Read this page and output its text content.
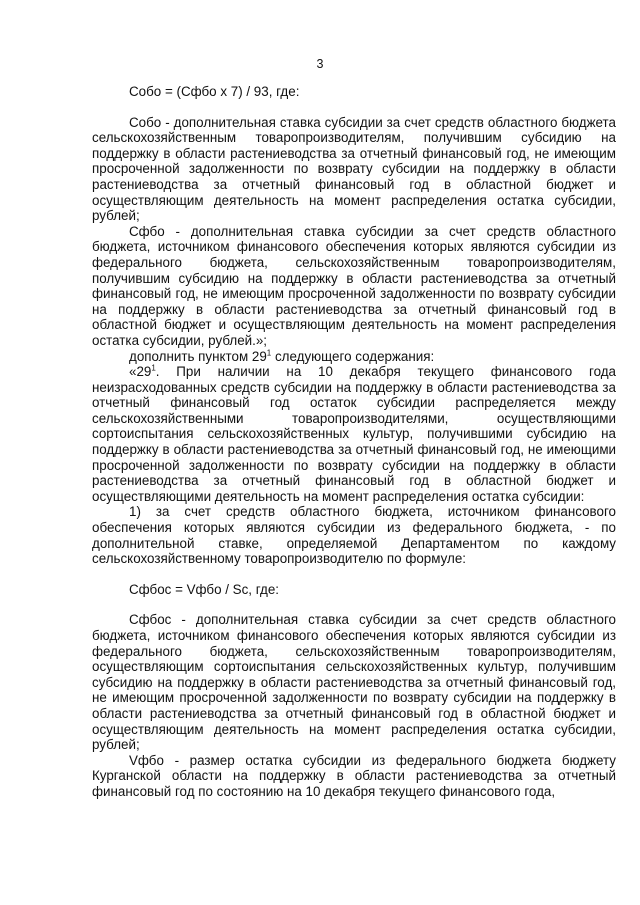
3

Собо = (Сфбо х 7) / 93, где:

Собо - дополнительная ставка субсидии за счет средств областного бюджета сельскохозяйственным товаропроизводителям, получившим субсидию на поддержку в области растениеводства за отчетный финансовый год, не имеющим просроченной задолженности по возврату субсидии на поддержку в области растениеводства за отчетный финансовый год в областной бюджет и осуществляющим деятельность на момент распределения остатка субсидии, рублей;

Сфбо - дополнительная ставка субсидии за счет средств областного бюджета, источником финансового обеспечения которых являются субсидии из федерального бюджета, сельскохозяйственным товаропроизводителям, получившим субсидию на поддержку в области растениеводства за отчетный финансовый год, не имеющим просроченной задолженности по возврату субсидии на поддержку в области растениеводства за отчетный финансовый год в областной бюджет и осуществляющим деятельность на момент распределения остатка субсидии, рублей.»;

дополнить пунктом $29^1$ следующего содержания:

«$29^1$. При наличии на 10 декабря текущего финансового года неизрасходованных средств субсидии на поддержку в области растениеводства за отчетный финансовый год остаток субсидии распределяется между сельскохозяйственными товаропроизводителями, осуществляющими сортоиспытания сельскохозяйственных культур, получившими субсидию на поддержку в области растениеводства за отчетный финансовый год, не имеющими просроченной задолженности по возврату субсидии на поддержку в области растениеводства за отчетный финансовый год в областной бюджет и осуществляющими деятельность на момент распределения остатка субсидии:

1) за счет средств областного бюджета, источником финансового обеспечения которых являются субсидии из федерального бюджета, - по дополнительной ставке, определяемой Департаментом по каждому сельскохозяйственному товаропроизводителю по формуле:

Сфбос = Vфбо / Sc, где:

Сфбос - дополнительная ставка субсидии за счет средств областного бюджета, источником финансового обеспечения которых являются субсидии из федерального бюджета, сельскохозяйственным товаропроизводителям, осуществляющим сортоиспытания сельскохозяйственных культур, получившим субсидию на поддержку в области растениеводства за отчетный финансовый год, не имеющим просроченной задолженности по возврату субсидии на поддержку в области растениеводства за отчетный финансовый год в областной бюджет и осуществляющим деятельность на момент распределения остатка субсидии, рублей;

Vфбо - размер остатка субсидии из федерального бюджета бюджету Курганской области на поддержку в области растениеводства за отчетный финансовый год по состоянию на 10 декабря текущего финансового года,
